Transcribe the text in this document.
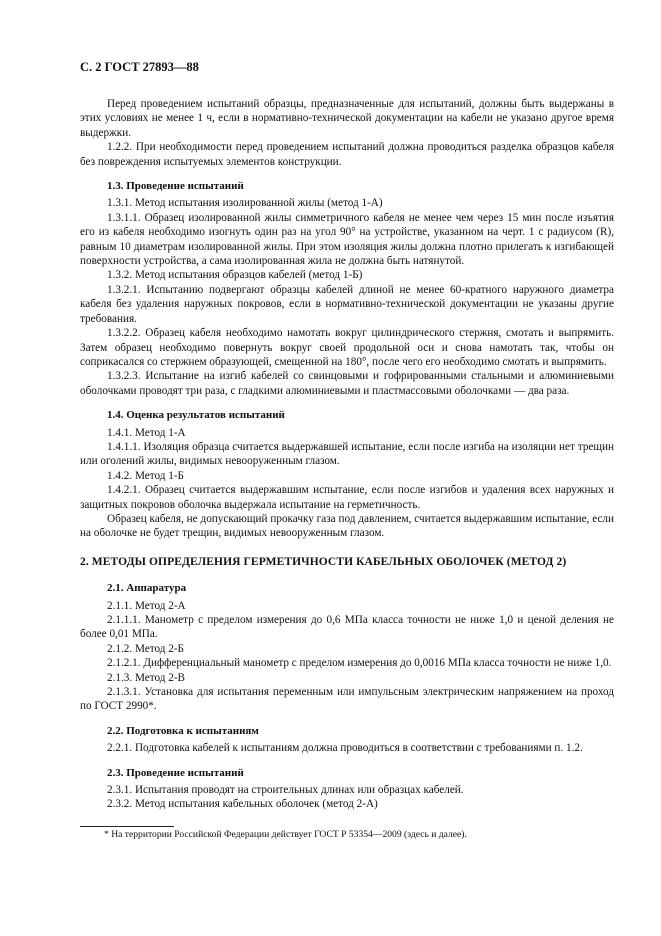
С. 2 ГОСТ 27893—88

Перед проведением испытаний образцы, предназначенные для испытаний, должны быть выдержаны в этих условиях не менее 1 ч, если в нормативно-технической документации на кабели не указано другое время выдержки.

1.2.2. При необходимости перед проведением испытаний должна проводиться разделка образцов кабеля без повреждения испытуемых элементов конструкции.

1.3. Проведение испытаний

1.3.1. Метод испытания изолированной жилы (метод 1-А)

1.3.1.1. Образец изолированной жилы симметричного кабеля не менее чем через 15 мин после изъятия его из кабеля необходимо изогнуть один раз на угол 90° на устройстве, указанном на черт. 1 с радиусом (R), равным 10 диаметрам изолированной жилы. При этом изоляция жилы должна плотно прилегать к изгибающей поверхности устройства, а сама изолированная жила не должна быть натянутой.

1.3.2. Метод испытания образцов кабелей (метод 1-Б)

1.3.2.1. Испытанию подвергают образцы кабелей длиной не менее 60-кратного наружного диаметра кабеля без удаления наружных покровов, если в нормативно-технической документации не указаны другие требования.

1.3.2.2. Образец кабеля необходимо намотать вокруг цилиндрического стержня, смотать и выпрямить. Затем образец необходимо повернуть вокруг своей продольной оси и снова намотать так, чтобы он соприкасался со стержнем образующей, смещенной на 180°, после чего его необходимо смотать и выпрямить.

1.3.2.3. Испытание на изгиб кабелей со свинцовыми и гофрированными стальными и алюминиевыми оболочками проводят три раза, с гладкими алюминиевыми и пластмассовыми оболочками — два раза.

1.4. Оценка результатов испытаний

1.4.1. Метод 1-А

1.4.1.1. Изоляция образца считается выдержавшей испытание, если после изгиба на изоляции нет трещин или оголений жилы, видимых невооруженным глазом.

1.4.2. Метод 1-Б

1.4.2.1. Образец считается выдержавшим испытание, если после изгибов и удаления всех наружных и защитных покровов оболочка выдержала испытание на герметичность.

Образец кабеля, не допускающий прокачку газа под давлением, считается выдержавшим испытание, если на оболочке не будет трещин, видимых невооруженным глазом.

2. МЕТОДЫ ОПРЕДЕЛЕНИЯ ГЕРМЕТИЧНОСТИ КАБЕЛЬНЫХ ОБОЛОЧЕК (МЕТОД 2)
2.1. Аппаратура

2.1.1. Метод 2-А

2.1.1.1. Манометр с пределом измерения до 0,6 МПа класса точности не ниже 1,0 и ценой деления не более 0,01 МПа.

2.1.2. Метод 2-Б

2.1.2.1. Дифференциальный манометр с пределом измерения до 0,0016 МПа класса точности не ниже 1,0.

2.1.3. Метод 2-В

2.1.3.1. Установка для испытания переменным или импульсным электрическим напряжением на проход по ГОСТ 2990*.

2.2. Подготовка к испытаниям

2.2.1. Подготовка кабелей к испытаниям должна проводиться в соответствии с требованиями п. 1.2.

2.3. Проведение испытаний

2.3.1. Испытания проводят на строительных длинах или образцах кабелей.

2.3.2. Метод испытания кабельных оболочек (метод 2-А)

* На территории Российской Федерации действует ГОСТ Р 53354—2009 (здесь и далее).
